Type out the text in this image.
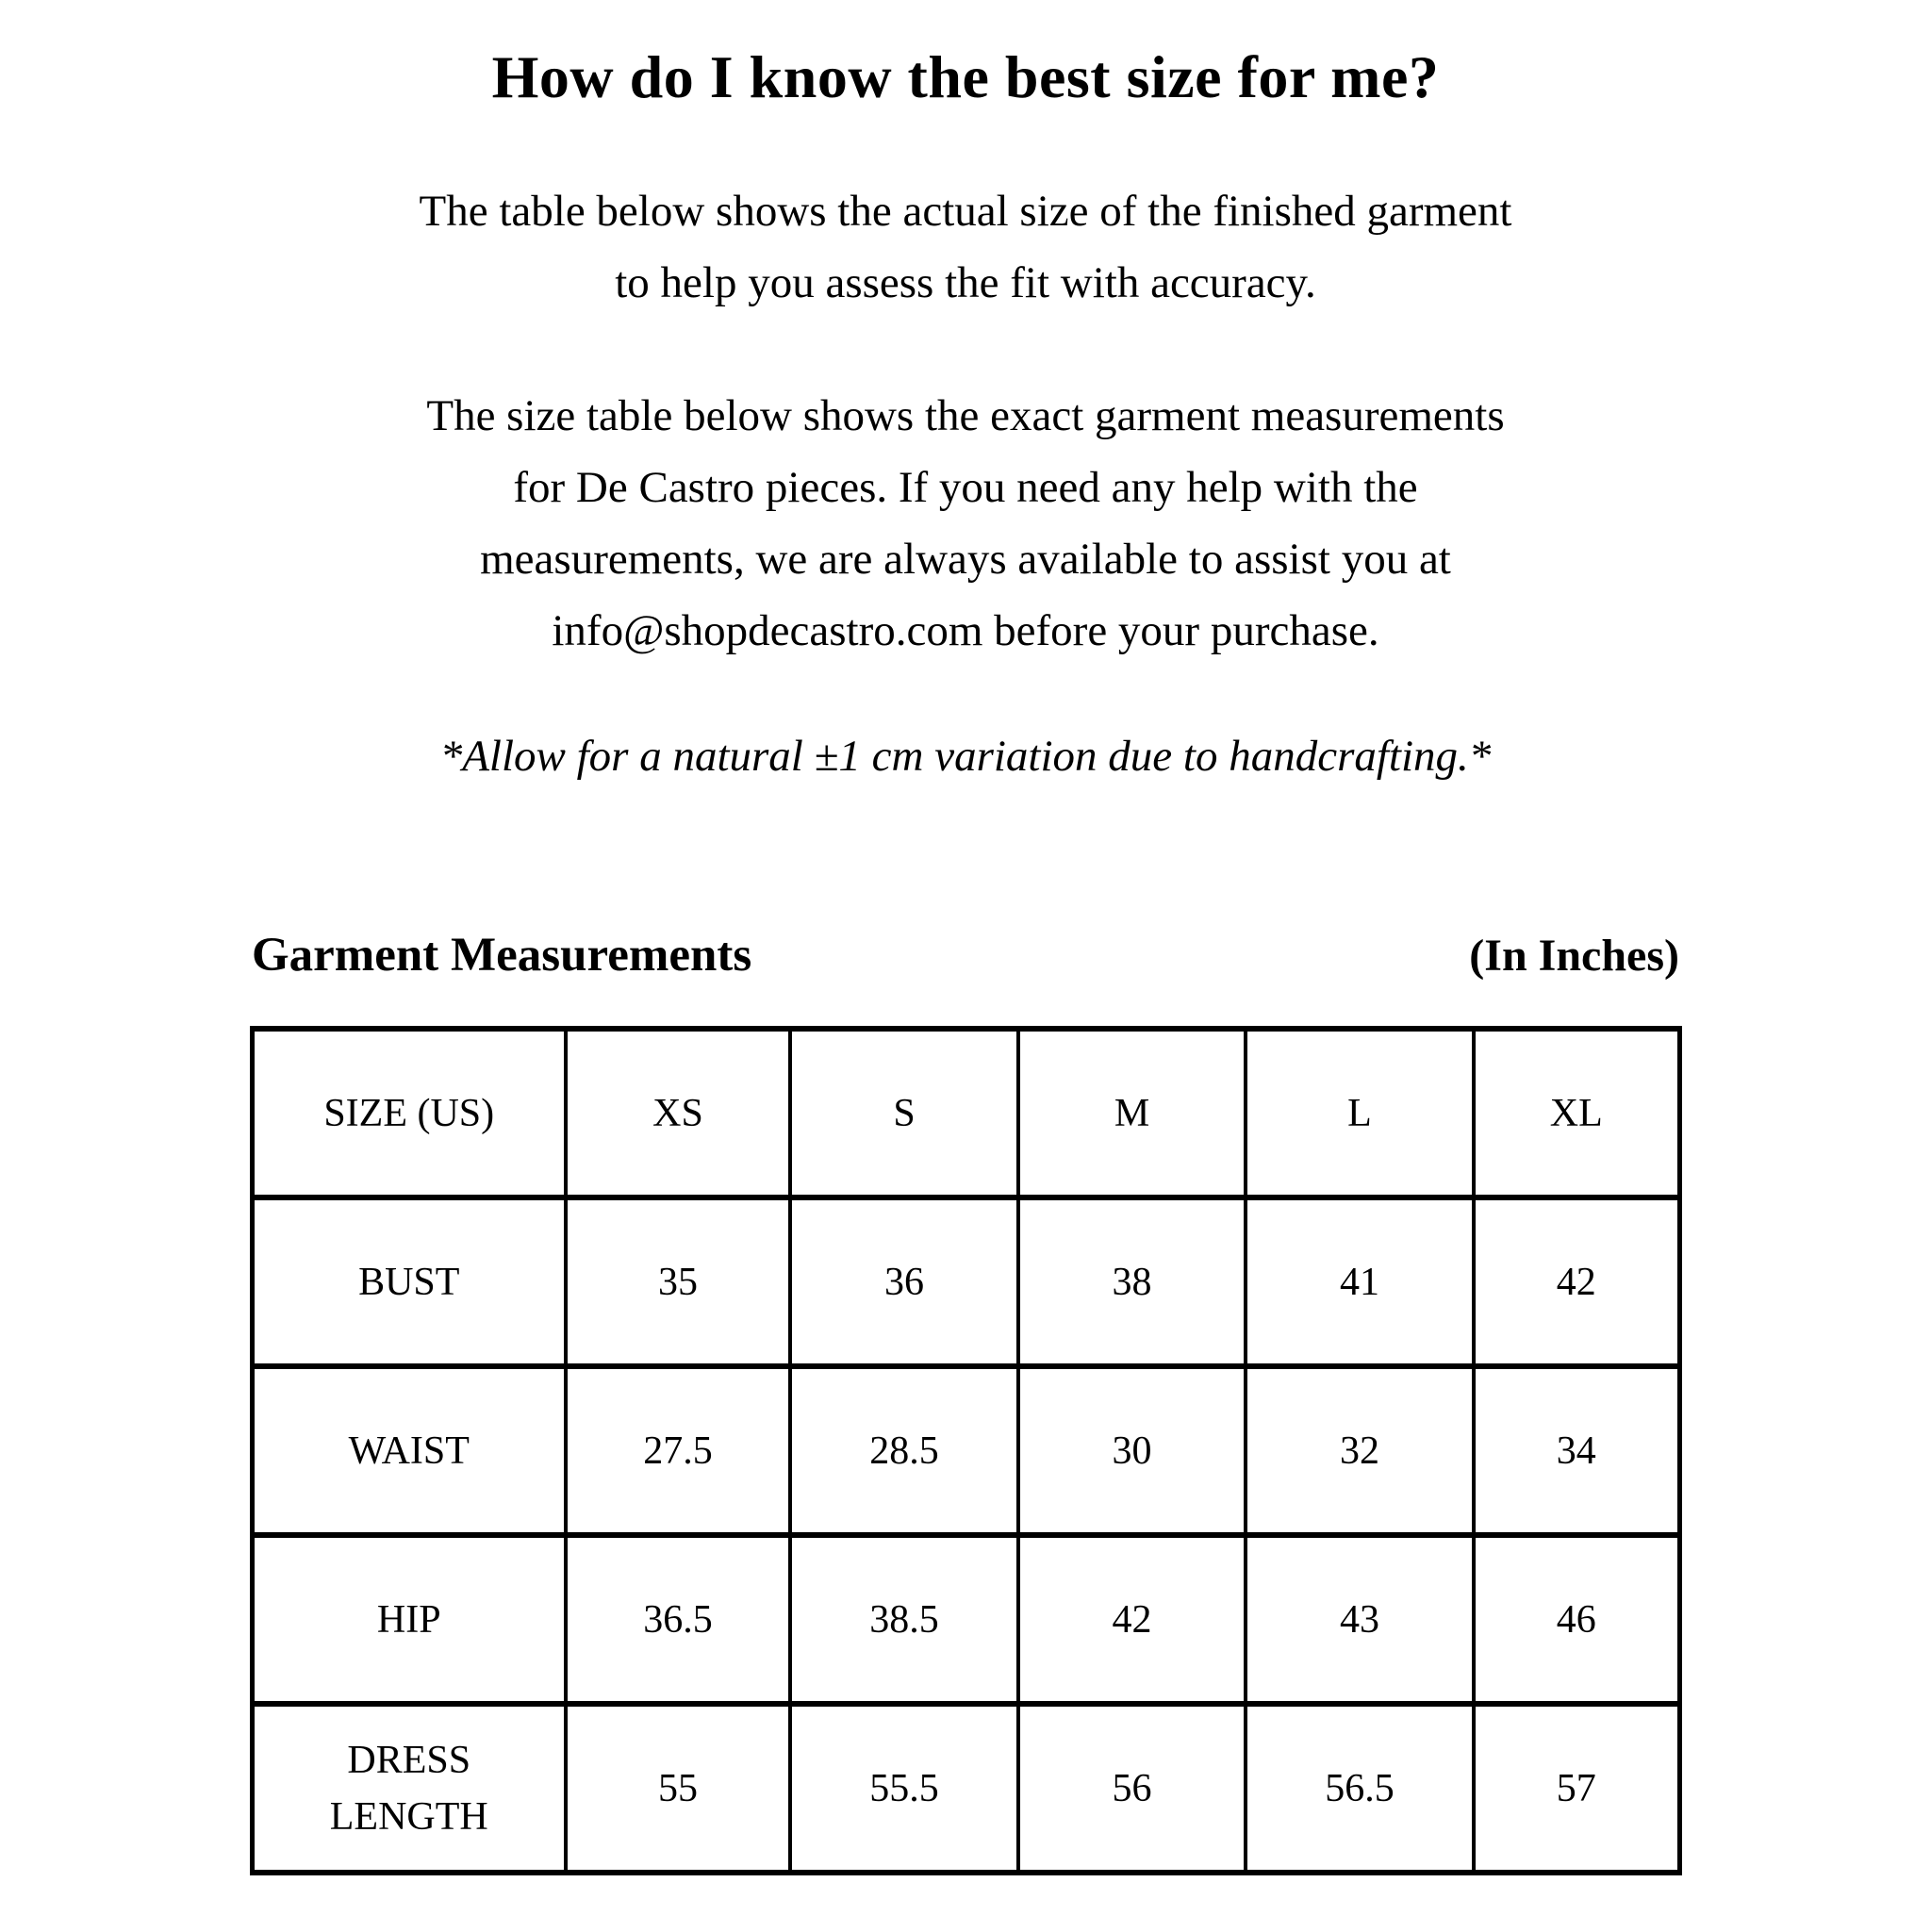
How do I know the best size for me?
The table below shows the actual size of the finished garment
to help you assess the fit with accuracy.
The size table below shows the exact garment measurements
for De Castro pieces. If you need any help with the
measurements, we are always available to assist you at
info@shopdecastro.com before your purchase.
*Allow for a natural ±1 cm variation due to handcrafting.*
Garment Measurements	(In Inches)
SIZE (US)	XS	S	M	L	XL
BUST	35	36	38	41	42
WAIST	27.5	28.5	30	32	34
HIP	36.5	38.5	42	43	46
DRESS LENGTH	55	55.5	56	56.5	57
